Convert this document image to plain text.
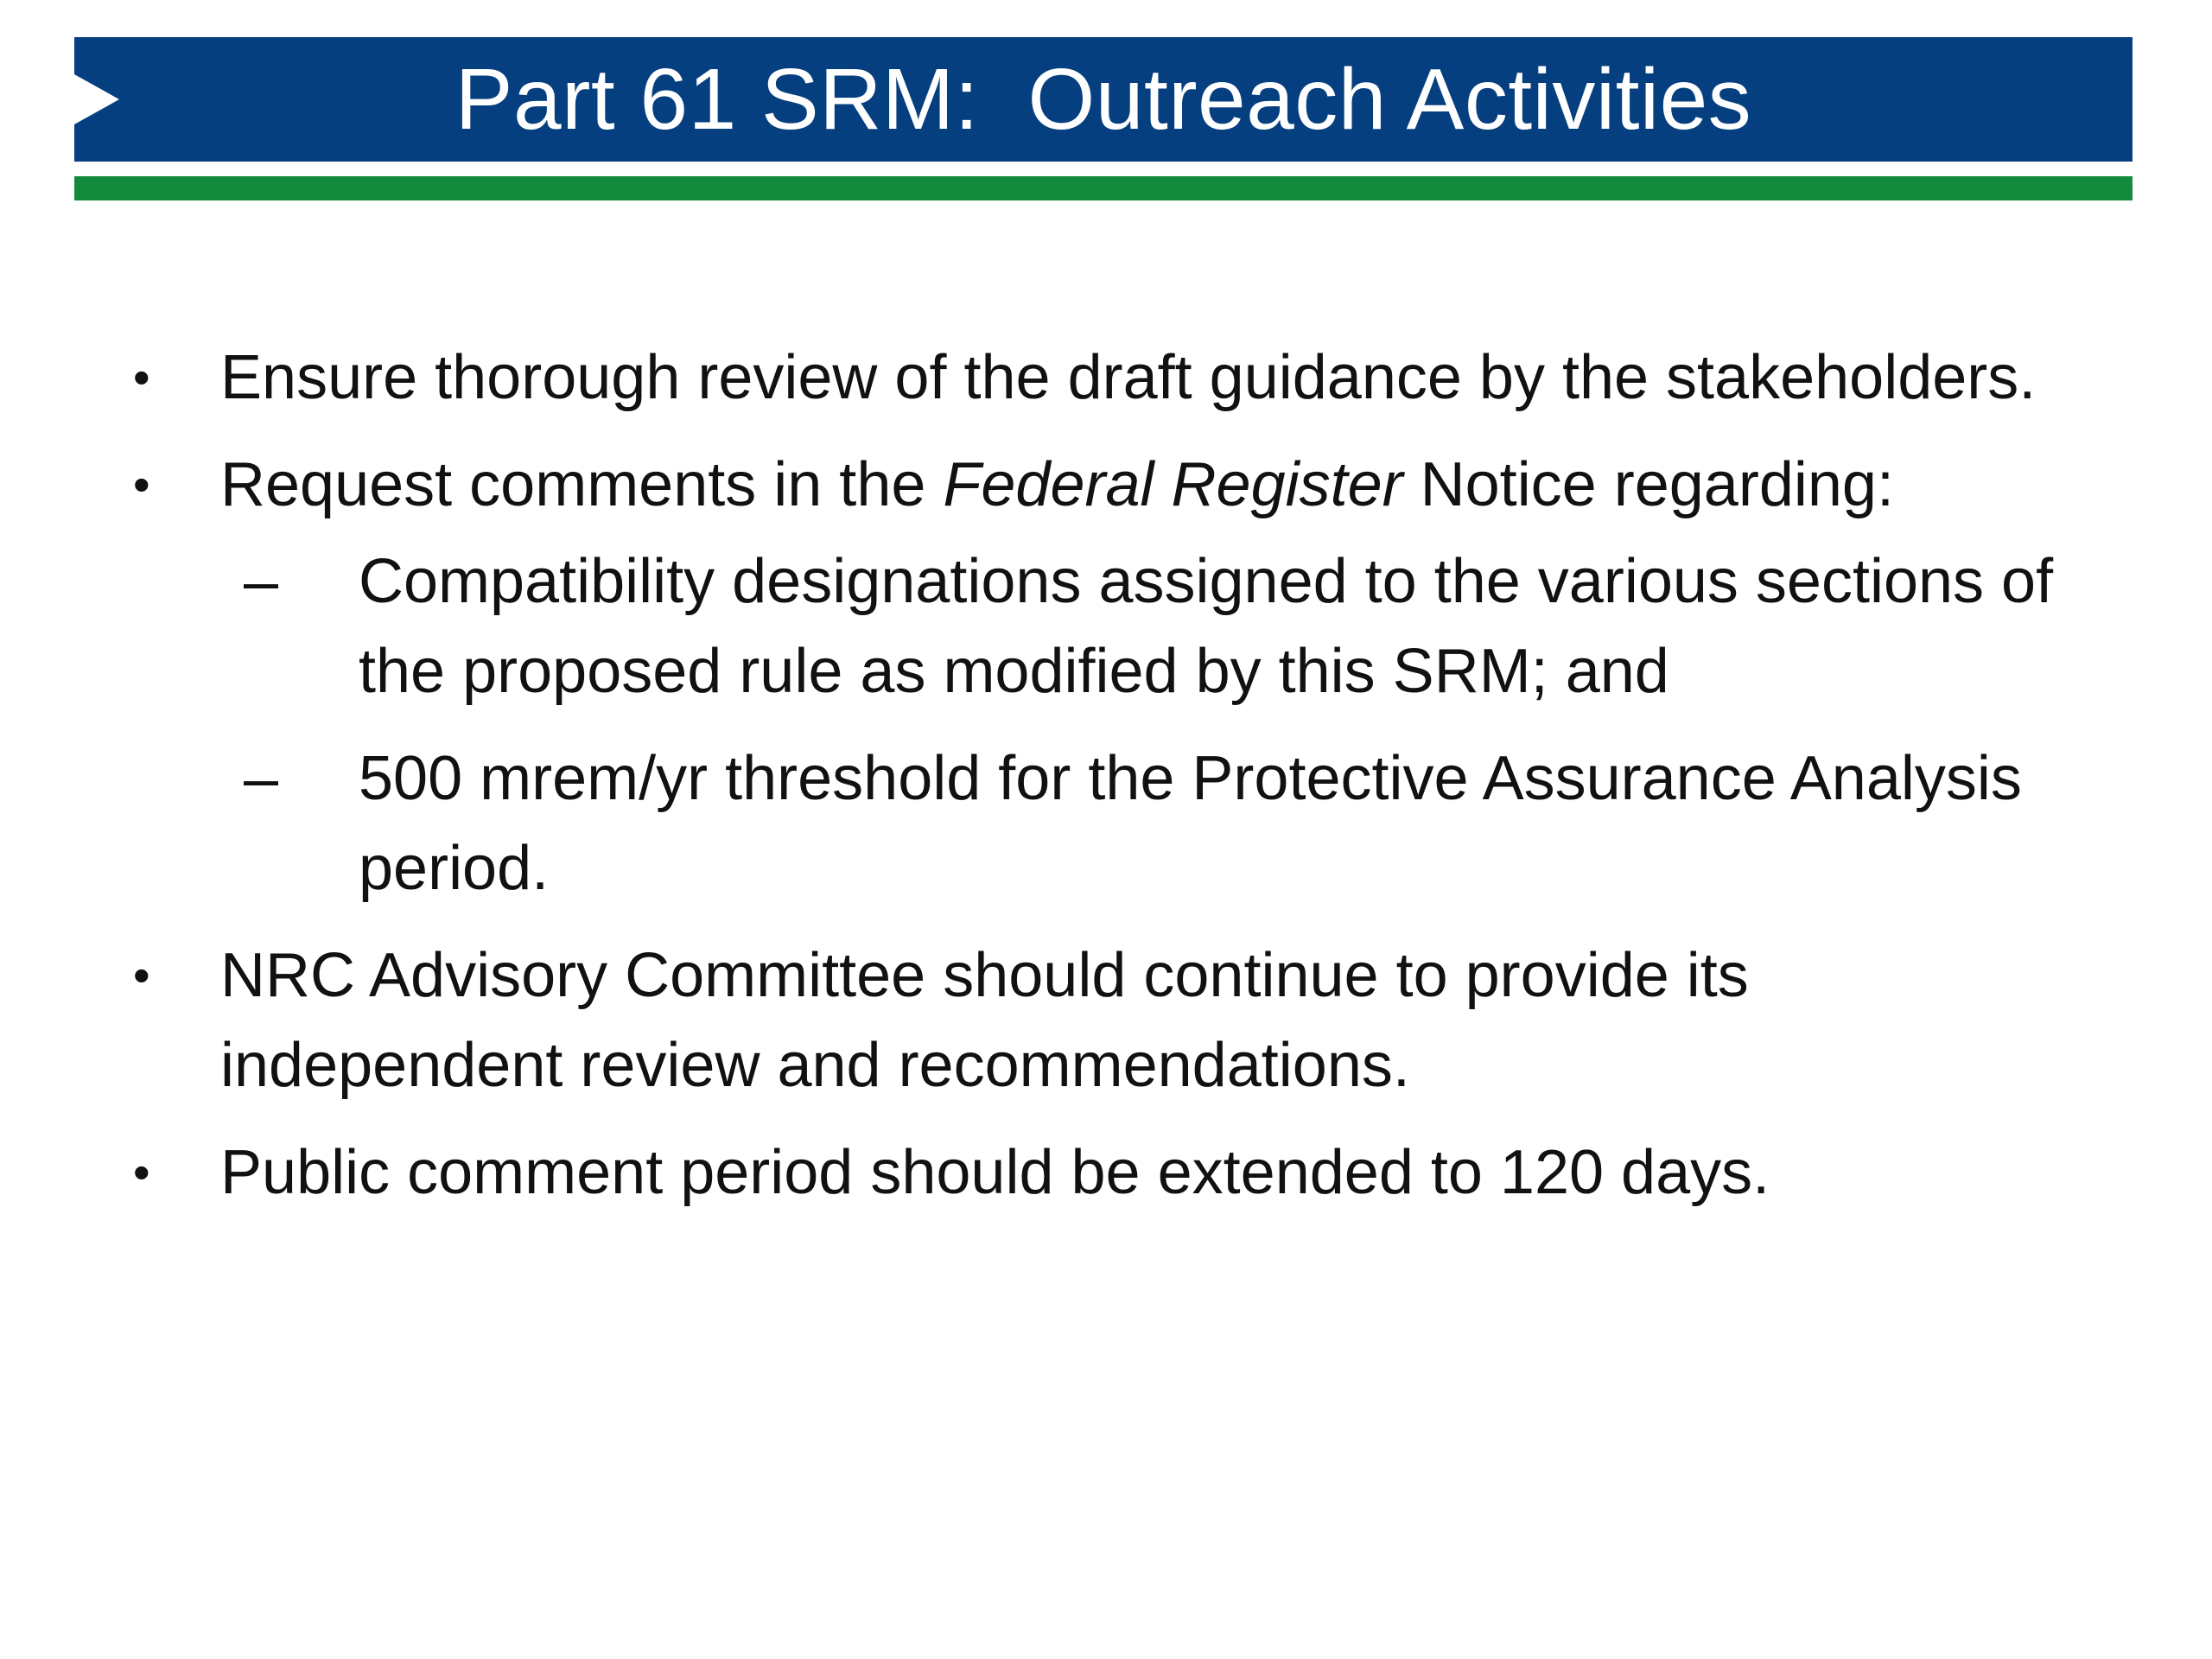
Part 61 SRM:  Outreach Activities
• Ensure thorough review of the draft guidance by the stakeholders.
• Request comments in the Federal Register Notice regarding:
– Compatibility designations assigned to the various sections of the proposed rule as modified by this SRM; and
– 500 mrem/yr threshold for the Protective Assurance Analysis period.
• NRC Advisory Committee should continue to provide its independent review and recommendations.
• Public comment period should be extended to 120 days.
